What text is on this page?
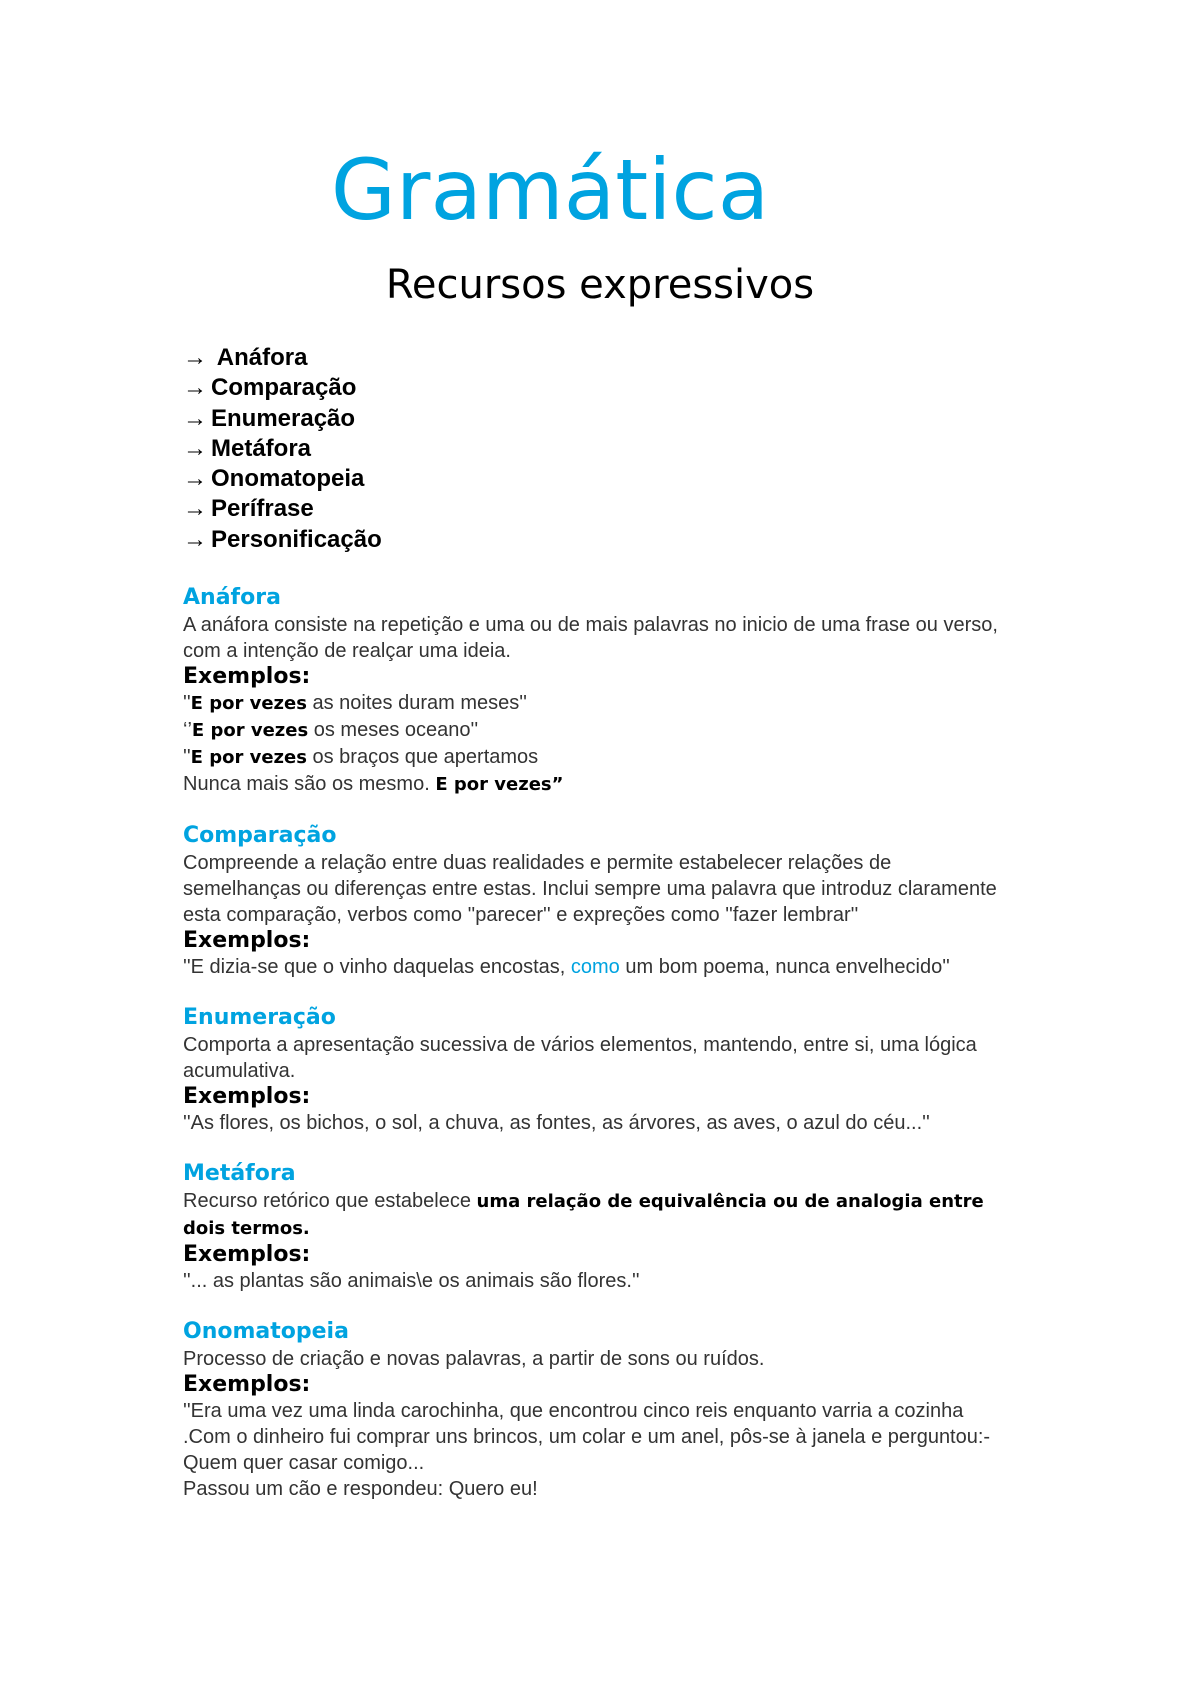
Gramática
Recursos expressivos
→ Anáfora
→ Comparação
→ Enumeração
→ Metáfora
→ Onomatopeia
→ Perífrase
→ Personificação
Anáfora

A anáfora consiste na repetição e uma ou de mais palavras no inicio de uma frase ou verso, com a intenção de realçar uma ideia.

Exemplos:

''E por vezes as noites duram meses''

‘’E por vezes os meses oceano''

''E por vezes os braços que apertamos

Nunca mais são os mesmo. E por vezes”

Comparação

Compreende a relação entre duas realidades e permite estabelecer relações de semelhanças ou diferenças entre estas. Inclui sempre uma palavra que introduz claramente esta comparação, verbos como ''parecer'' e expreções como ''fazer lembrar''

Exemplos:

''E dizia-se que o vinho daquelas encostas, como um bom poema, nunca envelhecido''

Enumeração

Comporta a apresentação sucessiva de vários elementos, mantendo, entre si, uma lógica acumulativa.

Exemplos:

''As flores, os bichos, o sol, a chuva, as fontes, as árvores, as aves, o azul do céu...''

Metáfora

Recurso retórico que estabelece uma relação de equivalência ou de analogia entre dois termos.

Exemplos:

''... as plantas são animais\e os animais são flores.''

Onomatopeia

Processo de criação e novas palavras, a partir de sons ou ruídos.

Exemplos:

''Era uma vez uma linda carochinha, que encontrou cinco reis enquanto varria a cozinha .Com o dinheiro fui comprar uns brincos, um colar e um anel, pôs-se à janela e perguntou:- Quem quer casar comigo...

Passou um cão e respondeu: Quero eu!
